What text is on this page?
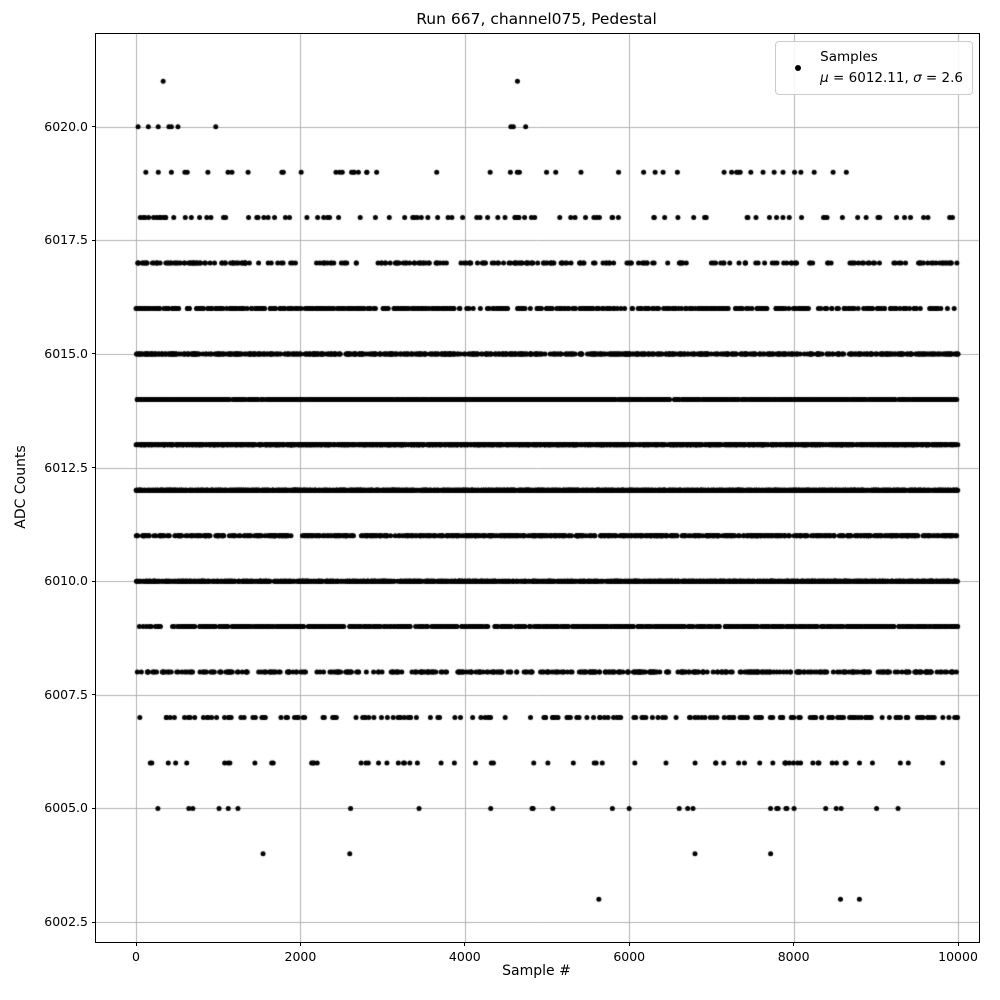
Run 667, channel075, Pedestal
0	2000	4000	6000	8000	10000
6002.5
6005.0
6007.5
6010.0
6012.5
6015.0
6017.5
6020.0
Samples
μ = 6012.11, σ = 2.6
Sample #
ADC Counts
